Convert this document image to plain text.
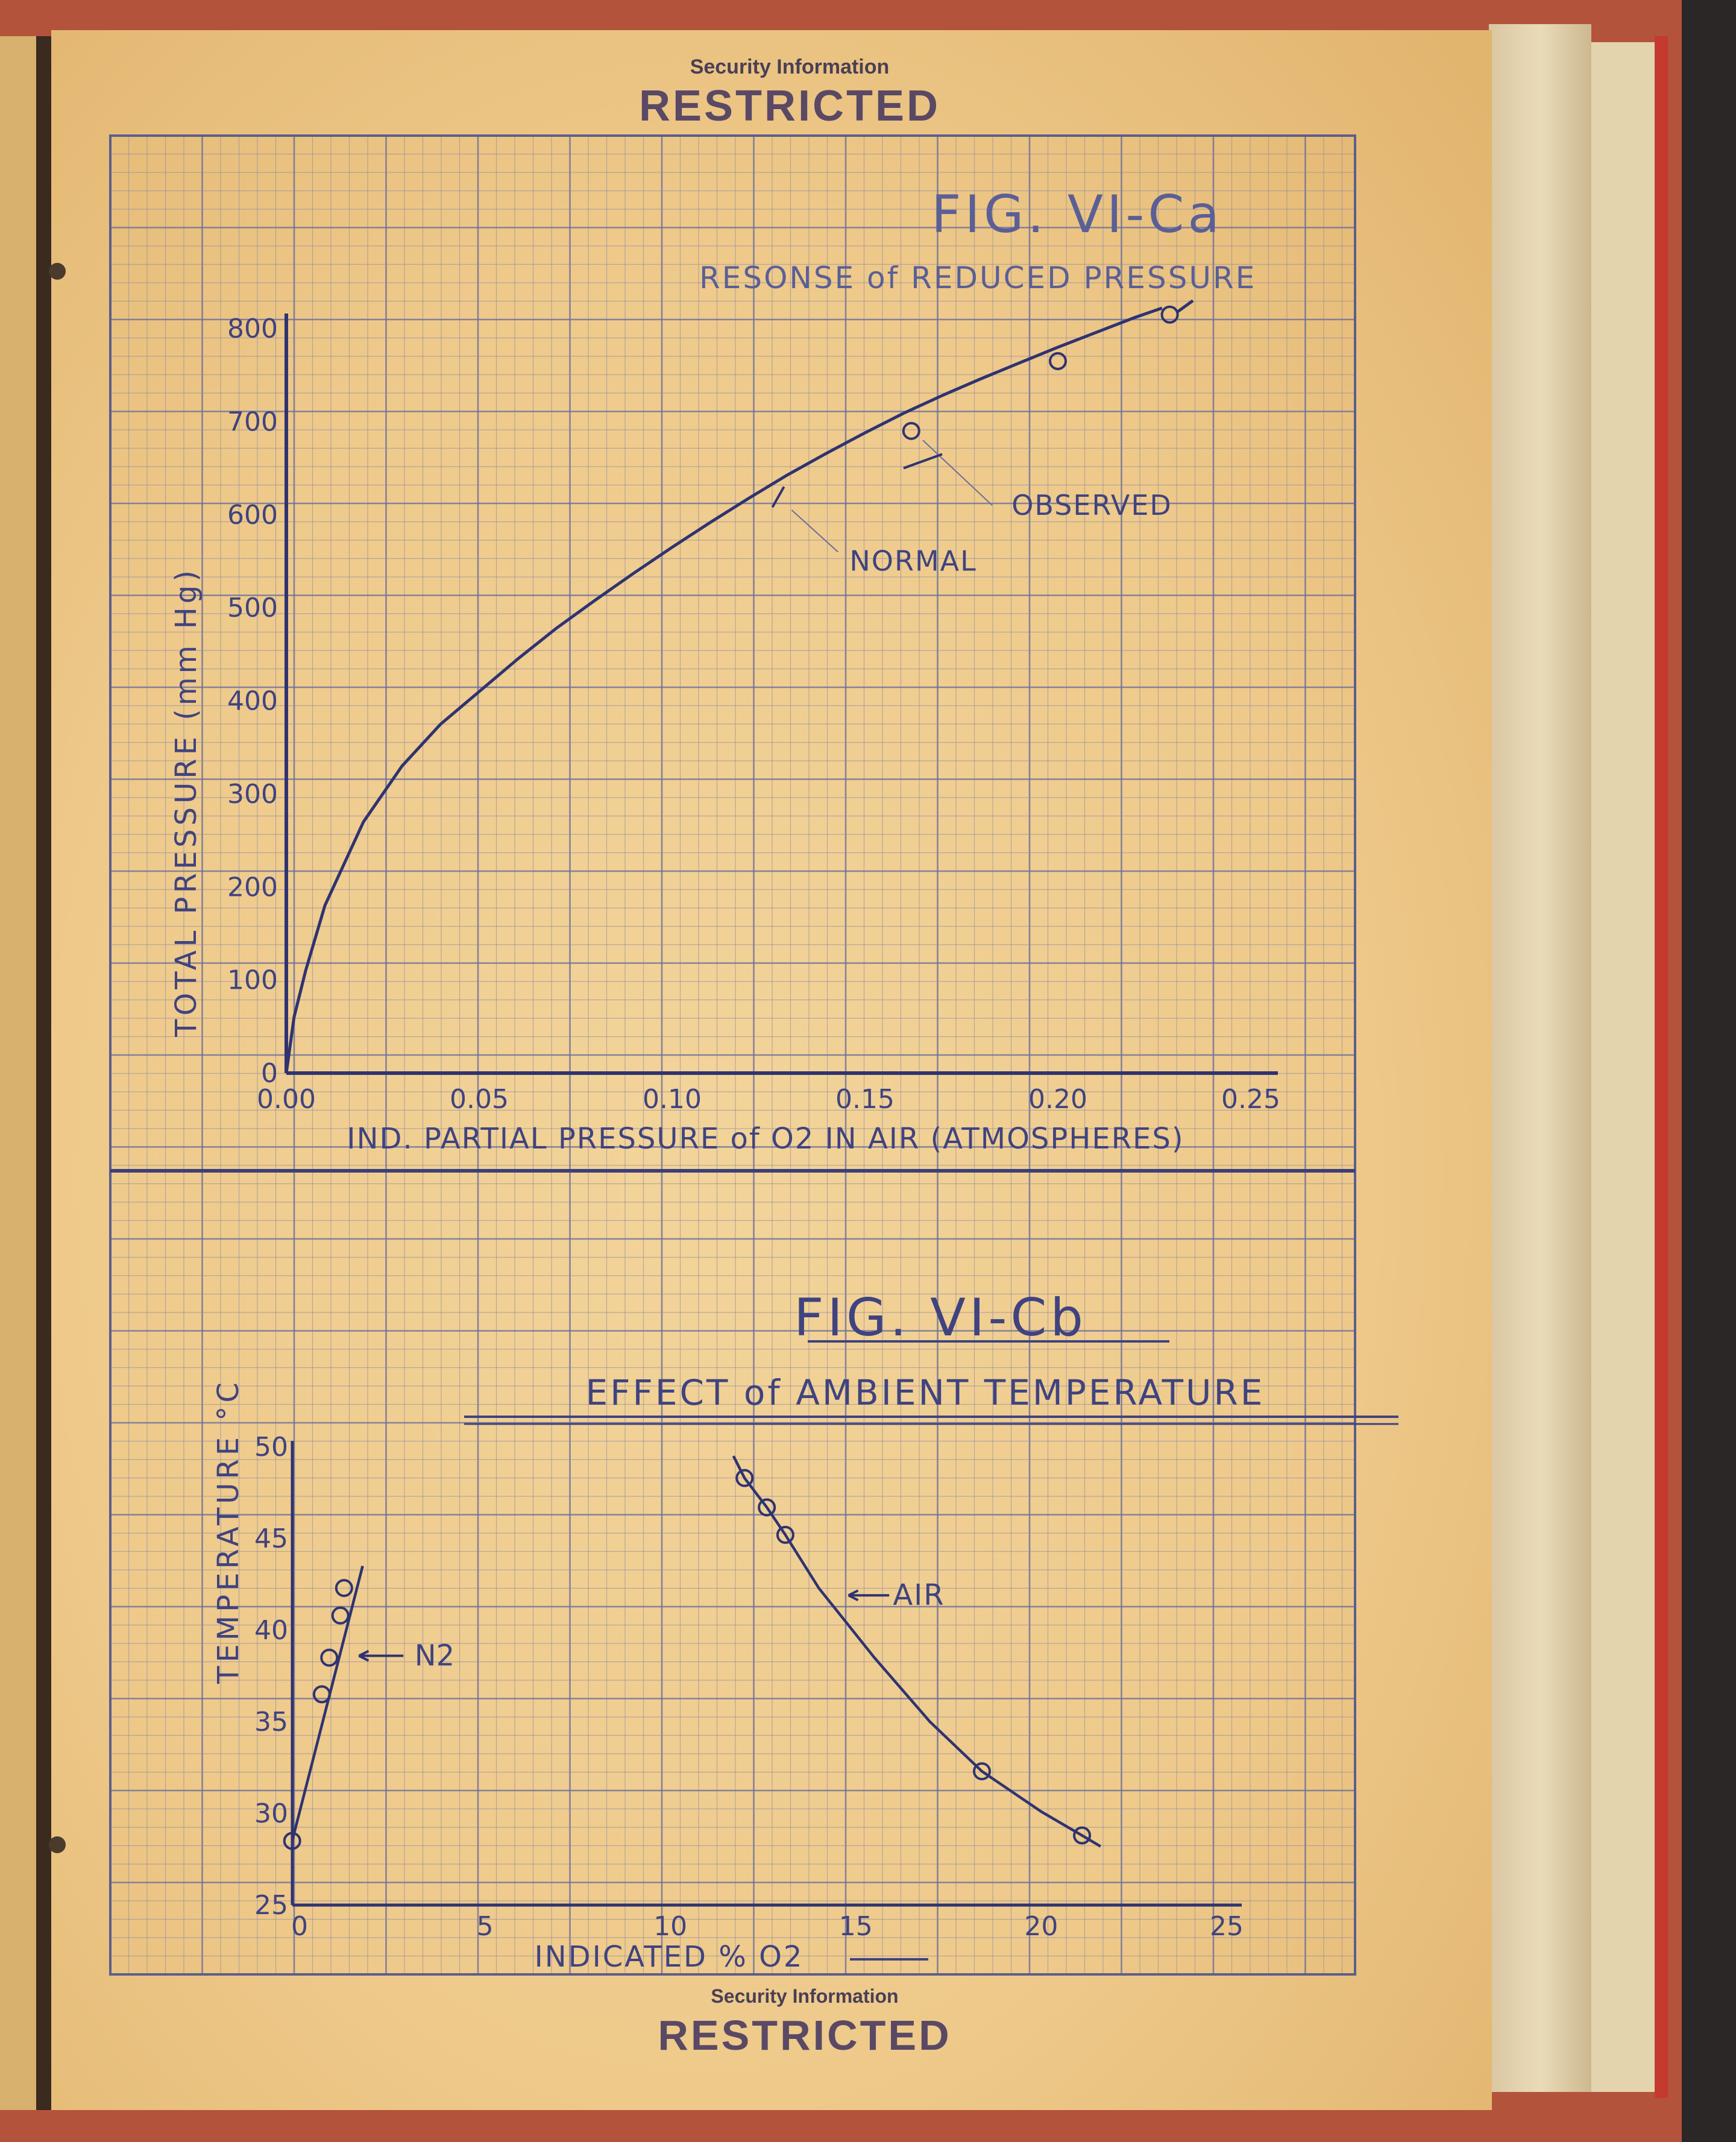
Security Information
RESTRICTED
Security Information
RESTRICTED
FIG. VI-Ca
RESONSE of REDUCED PRESSURE
0.00	0.05	0.10	0.15	0.20	0.25
0
100
200
300
400
500
600
700
800
OBSERVED
NORMAL
IND. PARTIAL PRESSURE of O2 IN AIR (ATMOSPHERES)
TOTAL PRESSURE (mm Hg)
FIG. VI-Cb
EFFECT of AMBIENT TEMPERATURE
0	5	10	15	20	25
25
30
35
40
45
50
N2
AIR
INDICATED % O2
TEMPERATURE °C
